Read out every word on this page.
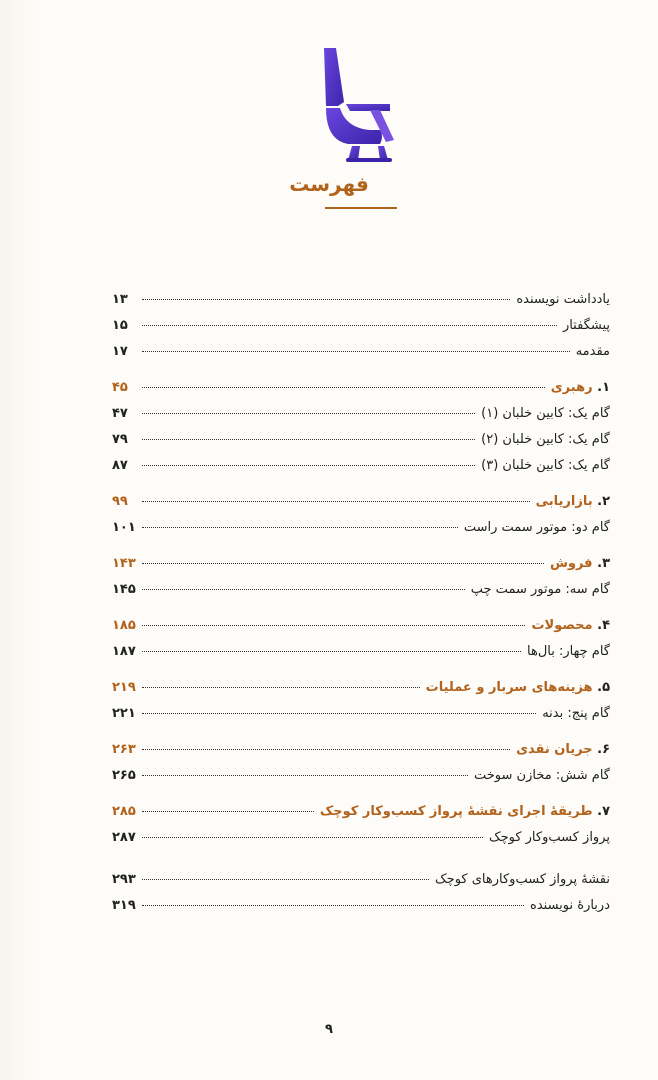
فهرست
یادداشت نویسنده
۱۳
پیشگفتار
۱۵
مقدمه
۱۷
۱. رهبری
۴۵
گام یک: کابین خلبان (۱)
۴۷
گام یک: کابین خلبان (۲)
۷۹
گام یک: کابین خلبان (۳)
۸۷
۲. بازاریابی
۹۹
گام دو: موتور سمت راست
۱۰۱
۳. فروش
۱۴۳
گام سه: موتور سمت چپ
۱۴۵
۴. محصولات
۱۸۵
گام چهار: بال‌ها
۱۸۷
۵. هزینه‌های سربار و عملیات
۲۱۹
گام پنج: بدنه
۲۲۱
۶. جریان نقدی
۲۶۳
گام شش: مخازن سوخت
۲۶۵
۷. طریقهٔ اجرای نقشهٔ پرواز کسب‌وکار کوچک
۲۸۵
پرواز کسب‌وکار کوچک
۲۸۷
نقشهٔ پرواز کسب‌وکارهای کوچک
۲۹۳
دربارهٔ نویسنده
۳۱۹
۹
